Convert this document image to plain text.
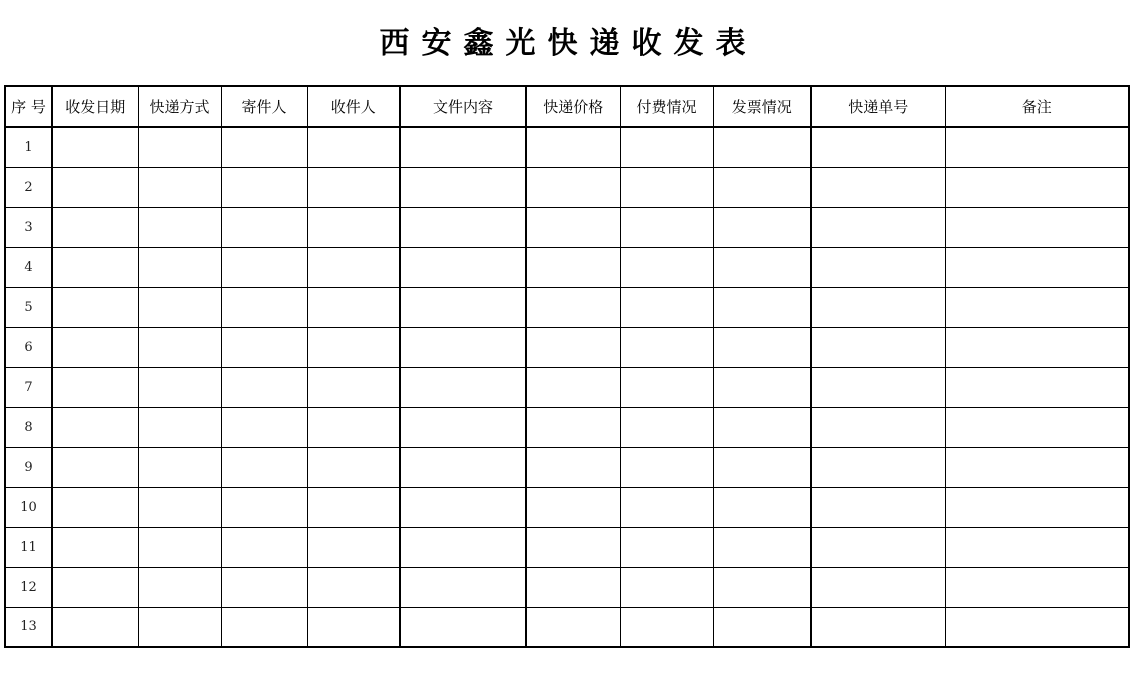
西安鑫光快递收发表
序 号	收发日期	快递方式	寄件人	收件人	文件内容	快递价格	付费情况	发票情况	快递单号	备注
1										
2										
3										
4										
5										
6										
7										
8										
9										
10										
11										
12										
13										
